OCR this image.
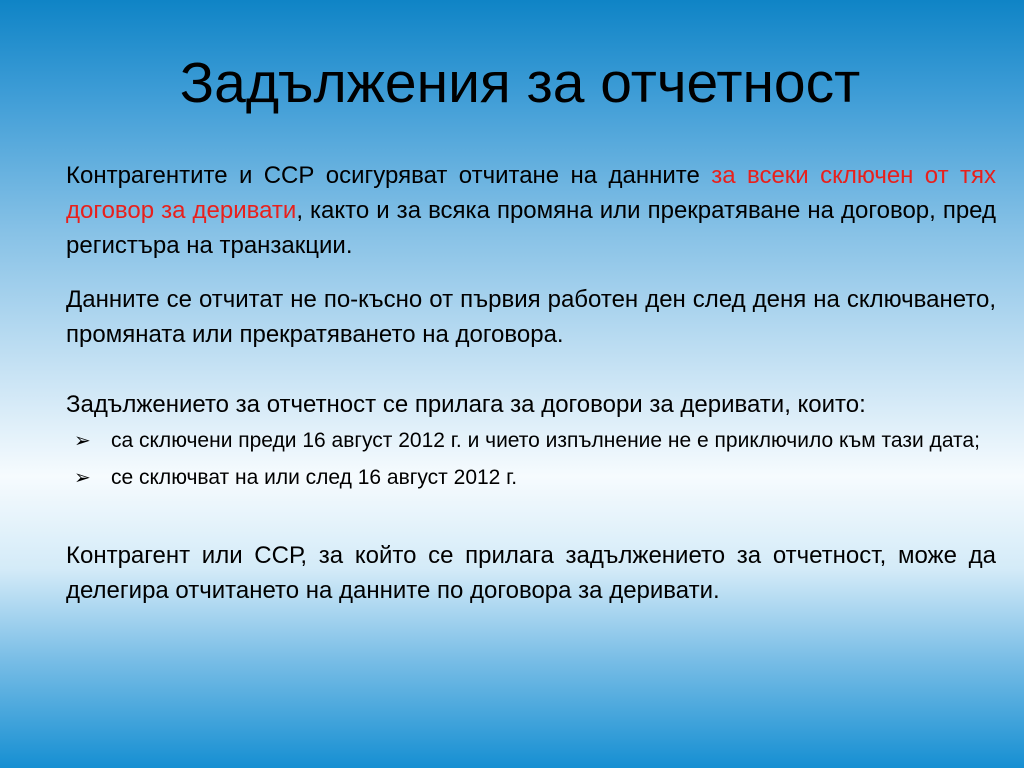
Задължения за отчетност

Контрагентите и ССР осигуряват отчитане на данните за всеки сключен от тях договор за деривати, както и за всяка промяна или прекратяване на договор, пред регистъра на транзакции.

Данните се отчитат не по-късно от първия работен ден след деня на сключването, промяната или прекратяването на договора.

Задължението за отчетност се прилага за договори за деривати, които:

➢ са сключени преди 16 август 2012 г. и чието изпълнение не е приключило към тази дата;
➢ се сключват на или след 16 август 2012 г.

Контрагент или ССР, за който се прилага задължението за отчетност, може да делегира отчитането на данните по договора за деривати.
